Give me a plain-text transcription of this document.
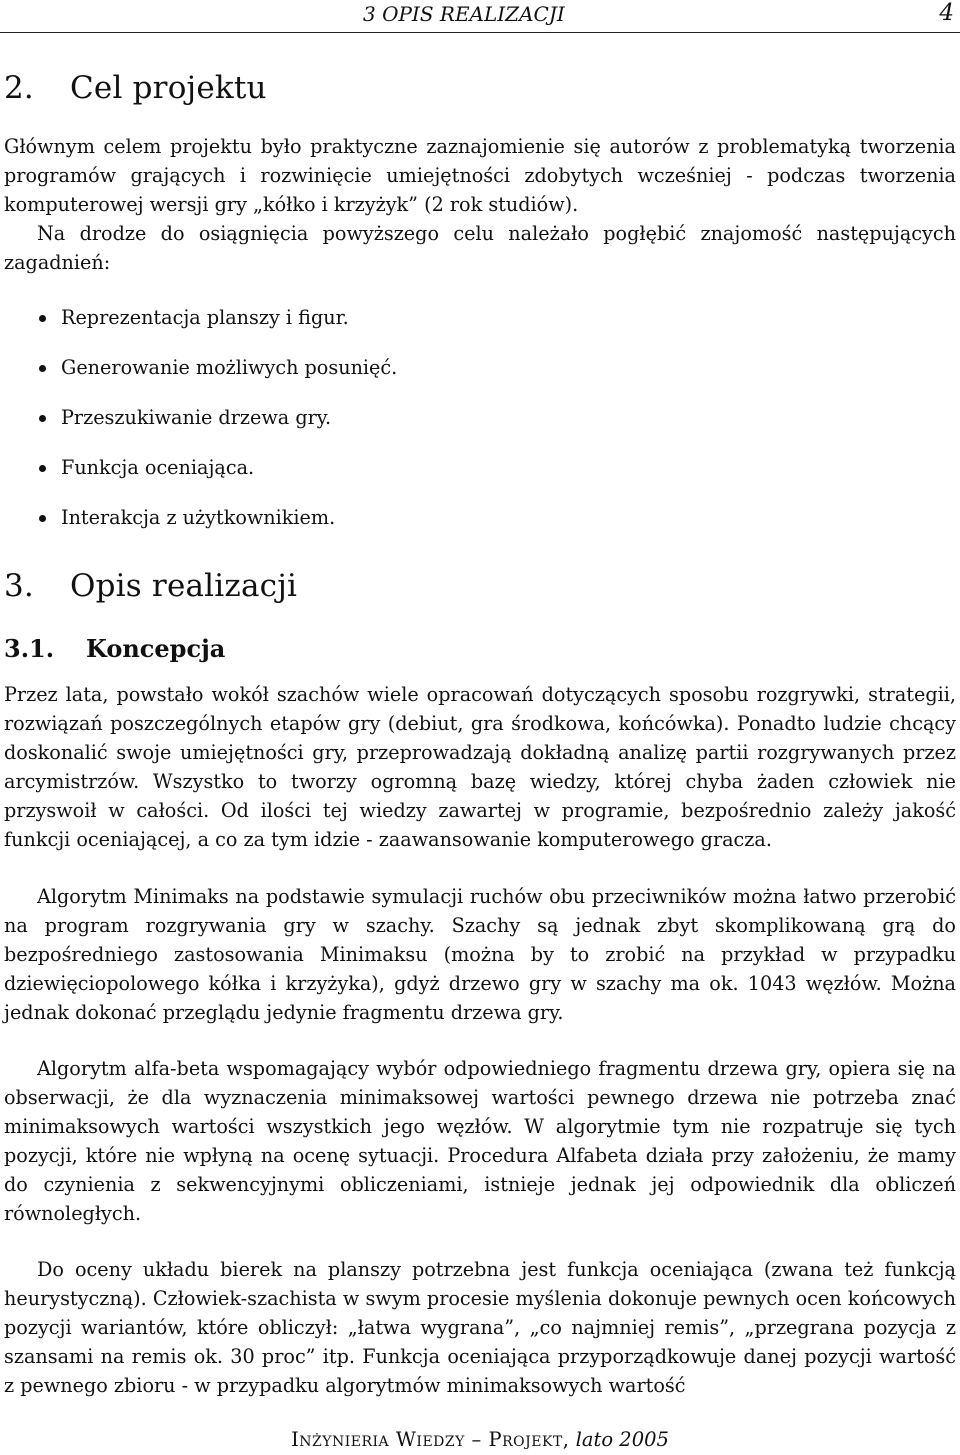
3 OPIS REALIZACJI	4
2. Cel projektu

Głównym celem projektu było praktyczne zaznajomienie się autorów z problematyką tworzenia programów grających i rozwinięcie umiejętności zdobytych wcześniej - podczas tworzenia komputerowej wersji gry „kółko i krzyżyk” (2 rok studiów).

Na drodze do osiągnięcia powyższego celu należało pogłębić znajomość następujących zagadnień:

Reprezentacja planszy i figur.
Generowanie możliwych posunięć.
Przeszukiwanie drzewa gry.
Funkcja oceniająca.
Interakcja z użytkownikiem.
3. Opis realizacji
3.1. Koncepcja

Przez lata, powstało wokół szachów wiele opracowań dotyczących sposobu rozgrywki, strategii, rozwiązań poszczególnych etapów gry (debiut, gra środkowa, końcówka). Ponadto ludzie chcący doskonalić swoje umiejętności gry, przeprowadzają dokładną analizę partii rozgrywanych przez arcymistrzów. Wszystko to tworzy ogromną bazę wiedzy, której chyba żaden człowiek nie przyswoił w całości. Od ilości tej wiedzy zawartej w programie, bezpośrednio zależy jakość funkcji oceniającej, a co za tym idzie - zaawansowanie komputerowego gracza.

Algorytm Minimaks na podstawie symulacji ruchów obu przeciwników można łatwo przerobić na program rozgrywania gry w szachy. Szachy są jednak zbyt skomplikowaną grą do bezpośredniego zastosowania Minimaksu (można by to zrobić na przykład w przypadku dziewięciopolowego kółka i krzyżyka), gdyż drzewo gry w szachy ma ok. 1043 węzłów. Można jednak dokonać przeglądu jedynie fragmentu drzewa gry.

Algorytm alfa-beta wspomagający wybór odpowiedniego fragmentu drzewa gry, opiera się na obserwacji, że dla wyznaczenia minimaksowej wartości pewnego drzewa nie potrzeba znać minimaksowych wartości wszystkich jego węzłów. W algorytmie tym nie rozpatruje się tych pozycji, które nie wpłyną na ocenę sytuacji. Procedura Alfabeta działa przy założeniu, że mamy do czynienia z sekwencyjnymi obliczeniami, istnieje jednak jej odpowiednik dla obliczeń równoległych.

Do oceny układu bierek na planszy potrzebna jest funkcja oceniająca (zwana też funkcją heurystyczną). Człowiek-szachista w swym procesie myślenia dokonuje pewnych ocen końcowych pozycji wariantów, które obliczył: „łatwa wygrana”, „co najmniej remis”, „przegrana pozycja z szansami na remis ok. 30 proc” itp. Funkcja oceniająca przyporządkowuje danej pozycji wartość z pewnego zbioru - w przypadku algorytmów minimaksowych wartość

Inżynieria Wiedzy – Projekt, lato 2005
